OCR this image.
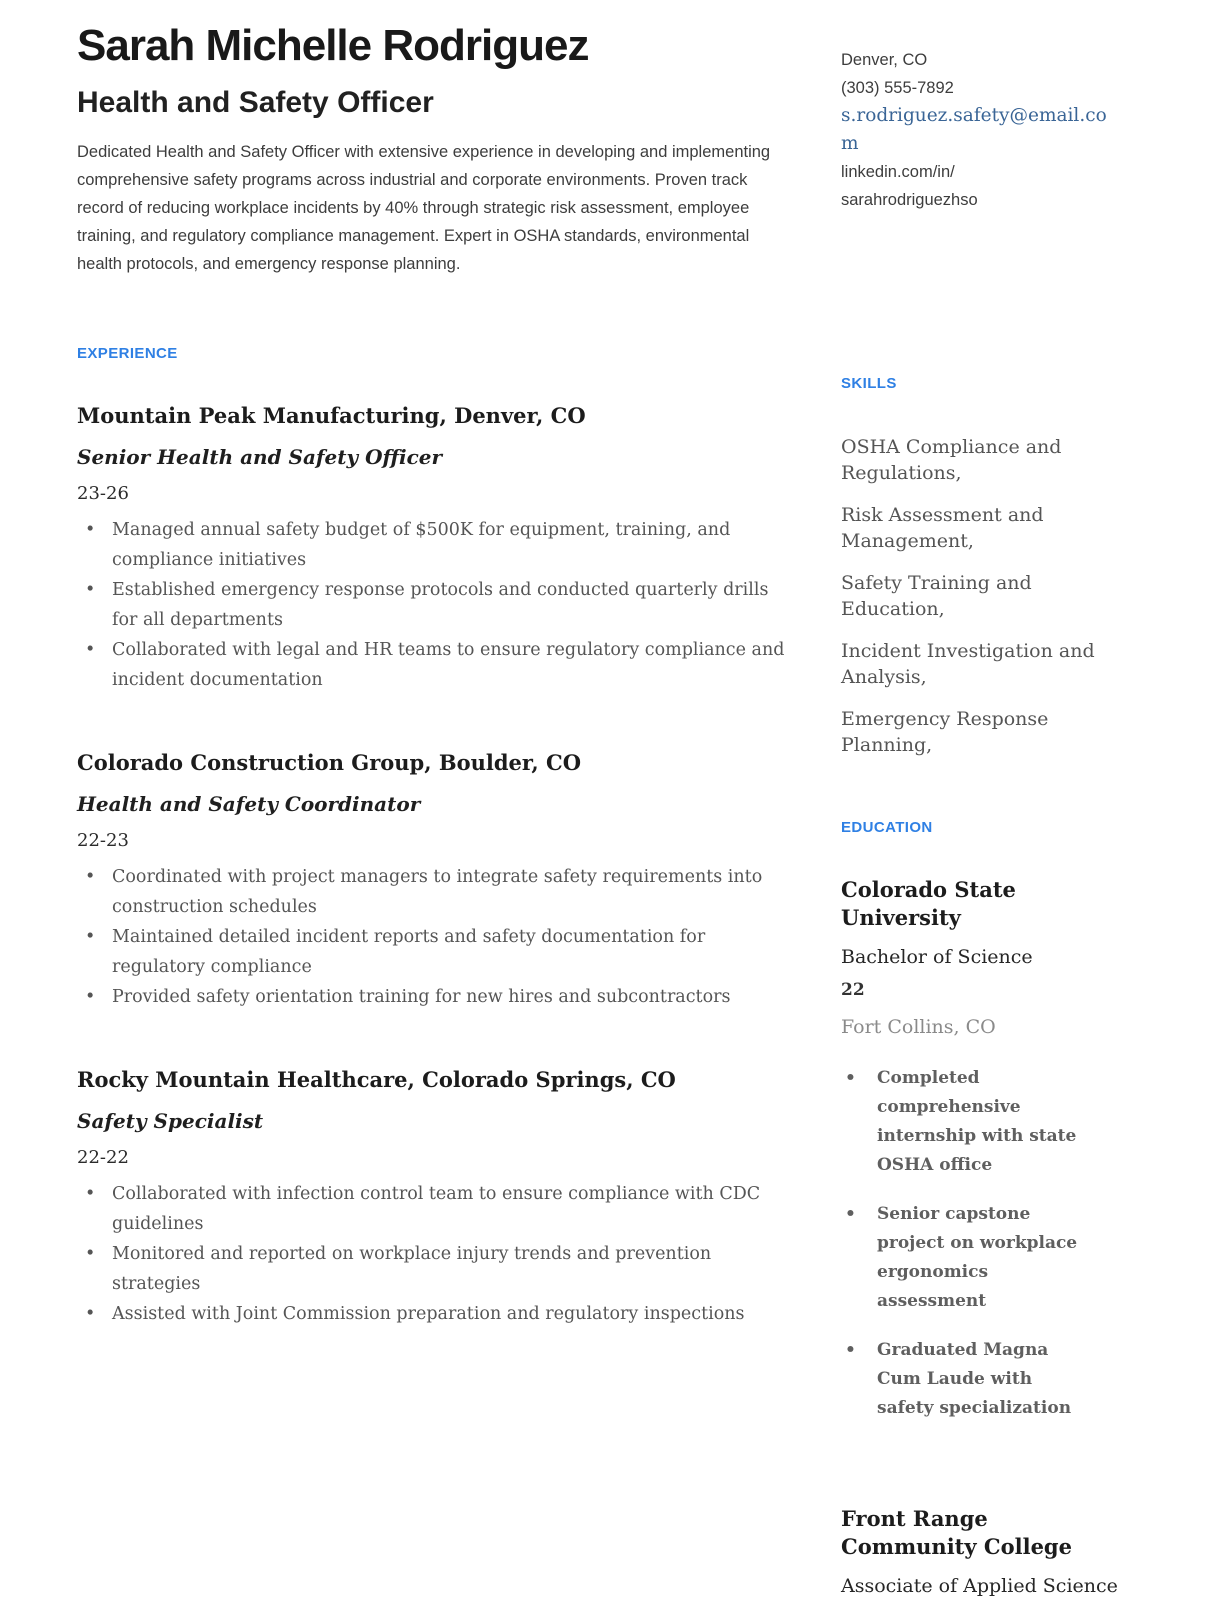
Sarah Michelle Rodriguez
Health and Safety Officer

Dedicated Health and Safety Officer with extensive experience in developing and implementing comprehensive safety programs across industrial and corporate environments. Proven track record of reducing workplace incidents by 40% through strategic risk assessment, employee training, and regulatory compliance management. Expert in OSHA standards, environmental health protocols, and emergency response planning.

EXPERIENCE
Mountain Peak Manufacturing, Denver, CO
Senior Health and Safety Officer
23-26
• Managed annual safety budget of $500K for equipment, training, and compliance initiatives
• Established emergency response protocols and conducted quarterly drills for all departments
• Collaborated with legal and HR teams to ensure regulatory compliance and incident documentation
Colorado Construction Group, Boulder, CO
Health and Safety Coordinator
22-23
• Coordinated with project managers to integrate safety requirements into construction schedules
• Maintained detailed incident reports and safety documentation for regulatory compliance
• Provided safety orientation training for new hires and subcontractors
Rocky Mountain Healthcare, Colorado Springs, CO
Safety Specialist
22-22
• Collaborated with infection control team to ensure compliance with CDC guidelines
• Monitored and reported on workplace injury trends and prevention strategies
• Assisted with Joint Commission preparation and regulatory inspections
Denver, CO
(303) 555-7892
s.rodriguez.safety@email.co
m
linkedin.com/in/
sarahrodriguezhso
SKILLS
OSHA Compliance and Regulations,
Risk Assessment and Management,
Safety Training and Education,
Incident Investigation and Analysis,
Emergency Response Planning,
EDUCATION
Colorado State University
Bachelor of Science
22
Fort Collins, CO
• Completed comprehensive internship with state OSHA office
• Senior capstone project on workplace ergonomics assessment
• Graduated Magna Cum Laude with safety specialization
Front Range Community College
Associate of Applied Science
